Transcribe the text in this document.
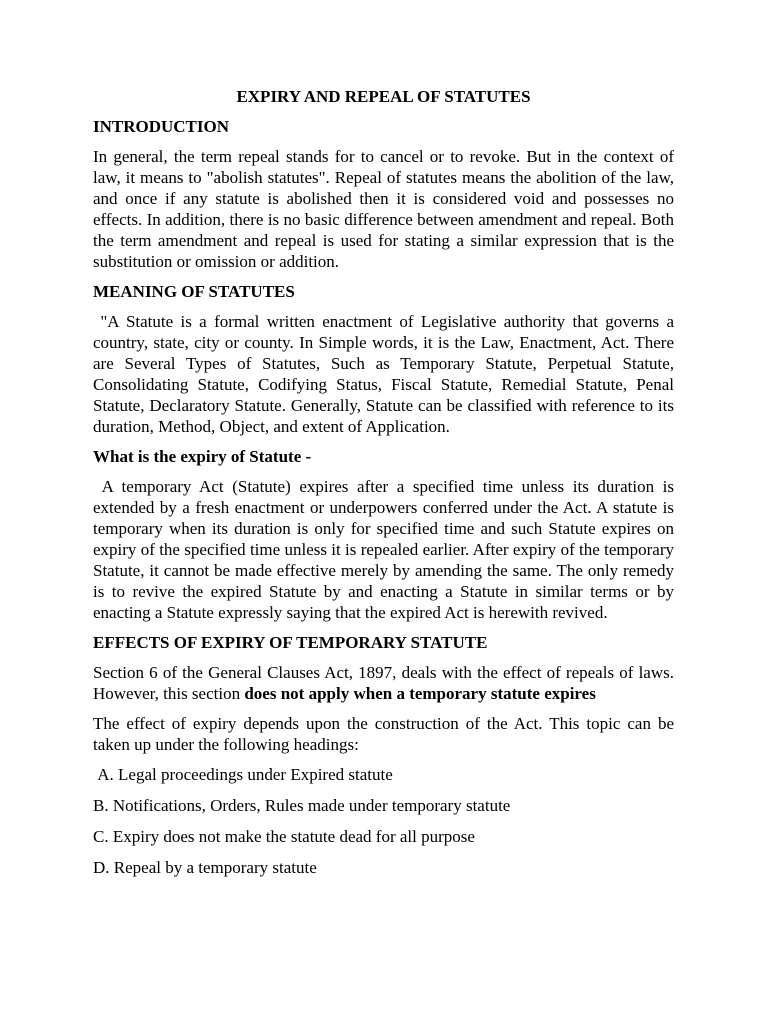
EXPIRY AND REPEAL OF STATUTES
INTRODUCTION
In general, the term repeal stands for to cancel or to revoke. But in the context of law, it means to "abolish statutes". Repeal of statutes means the abolition of the law, and once if any statute is abolished then it is considered void and possesses no effects. In addition, there is no basic difference between amendment and repeal. Both the term amendment and repeal is used for stating a similar expression that is the substitution or omission or addition.
MEANING OF STATUTES
"A Statute is a formal written enactment of Legislative authority that governs a country, state, city or county. In Simple words, it is the Law, Enactment, Act. There are Several Types of Statutes, Such as Temporary Statute, Perpetual Statute, Consolidating Statute, Codifying Status, Fiscal Statute, Remedial Statute, Penal Statute, Declaratory Statute. Generally, Statute can be classified with reference to its duration, Method, Object, and extent of Application.
What is the expiry of Statute -
A temporary Act (Statute) expires after a specified time unless its duration is extended by a fresh enactment or underpowers conferred under the Act. A statute is temporary when its duration is only for specified time and such Statute expires on expiry of the specified time unless it is repealed earlier. After expiry of the temporary Statute, it cannot be made effective merely by amending the same. The only remedy is to revive the expired Statute by and enacting a Statute in similar terms or by enacting a Statute expressly saying that the expired Act is herewith revived.
EFFECTS OF EXPIRY OF TEMPORARY STATUTE
Section 6 of the General Clauses Act, 1897, deals with the effect of repeals of laws. However, this section does not apply when a temporary statute expires
The effect of expiry depends upon the construction of the Act. This topic can be taken up under the following headings:
A. Legal proceedings under Expired statute
B. Notifications, Orders, Rules made under temporary statute
C. Expiry does not make the statute dead for all purpose
D. Repeal by a temporary statute
